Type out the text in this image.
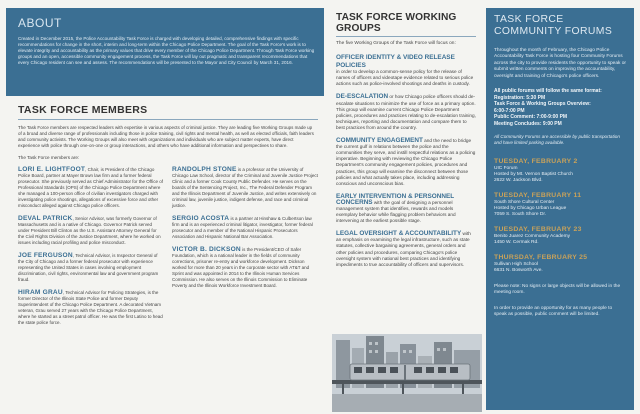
ABOUT

Created in December 2015, the Police Accountability Task Force is charged with developing detailed, comprehensive findings with specific recommendations for change in the short, interim and long-term within the Chicago Police Department. The goal of the Task Force's work is to elevate integrity and accountability as the primary values that drive every member of the Chicago Police Department. Through Task Force working groups and an open, accessible community engagement process, the Task Force will lay out pragmatic and transparent recommendations that every Chicago resident can see and assess. The recommendations will be presented to the Mayor and City Council by March 31, 2016.

TASK FORCE MEMBERS

The Task Force members are respected leaders with expertise in various aspects of criminal justice. They are leading five Working Groups made up of a broad and diverse range of professionals including those in police training, civil rights and mental health, as well as elected officials, faith leaders and community activists. The Working Groups will also meet with organizations and individuals who are subject matter experts, have direct experience with police through one-on-one or group interactions, and others who have additional information and perspectives to share.

The Task Force members are:

LORI E. LIGHTFOOT, Chair, is President of the Chicago Police Board, partner at Mayer Brown law firm and a former federal prosecutor. She previously served as Chief Administrator for the Office of Professional Standards (OPS) of the Chicago Police Department where she managed a 100-person office of civilian investigators charged with investigating police shootings, allegations of excessive force and other misconduct alleged against Chicago police officers.

DEVAL PATRICK, Senior Advisor, was formerly Governor of Massachusetts and is a native of Chicago. Governor Patrick served under President Bill Clinton as the U.S. Assistant Attorney General for the Civil Rights Division of the Justice Department, where he worked on issues including racial profiling and police misconduct.

JOE FERGUSON, Technical Advisor, is Inspector General of the City of Chicago and a former federal prosecutor with experience representing the United States in cases involving employment discrimination, civil rights, environmental law and government program fraud.

HIRAM GRAU, Technical Advisor for Policing Strategies, is the former Director of the Illinois State Police and former Deputy Superintendent of the Chicago Police Department. A decorated Vietnam veteran, Grau served 27 years with the Chicago Police Department, where he started as a street patrol officer. He was the first Latino to head the state police force.

RANDOLPH STONE is a professor at the University of Chicago Law School, director of the Criminal and Juvenile Justice Project Clinic and a former Cook County Public Defender. He serves on the boards of the Sentencing Project, Inc., The Federal Defender Program and the Illinois Department of Juvenile Justice, and writes extensively on criminal law, juvenile justice, indigent defense, and race and criminal justice.

SERGIO ACOSTA is a partner at Hinshaw & Culbertson law firm and is an experienced criminal litigator, investigator, former federal prosecutor and a member of the National Hispanic Prosecutors Association and Hispanic National Bar Association.

VICTOR B. DICKSON is the President/CEO of Safer Foundation, which is a national leader in the fields of community corrections, prisoner re-entry and workforce development. Dickson worked for more than 20 years in the corporate sector with AT&T and Sprint and was appointed in 2014 to the Illinois Human Services Commission. He also serves on the Illinois Commission to Eliminate Poverty and the Illinois Workforce Investment Board.

TASK FORCE WORKING GROUPS

The five Working Groups of the Task Force will focus on:

OFFICER IDENTITY & VIDEO RELEASE POLICIES

in order to develop a common-sense policy for the release of names of officers and videotape evidence related to serious police actions such as police-involved shootings and deaths in custody.

DE-ESCALATION or how Chicago police officers should de-escalate situations to minimize the use of force as a primary option. This group will examine current Chicago Police Department policies, procedures and practices relating to de-escalation training, techniques, reporting and documentation and compare them to best practices from around the country.

COMMUNITY ENGAGEMENT and the need to bridge the current gulf in relations between the police and the communities they serve, and instill respectful relations as a policing imperative. Beginning with reviewing the Chicago Police Department's community engagement policies, procedures and practices, this group will examine the disconnect between those policies and what actually takes place, including addressing conscious and unconscious bias.

EARLY INTERVENTION & PERSONNEL CONCERNS with the goal of designing a personnel management system that identifies, rewards and models exemplary behavior while flagging problem behaviors and intervening at the earliest possible stage.

LEGAL OVERSIGHT & ACCOUNTABILITY with an emphasis on examining the legal infrastructure, such as state statutes, collective bargaining agreements, general orders and other policies and procedures, comparing Chicago's police oversight system with national best practices and identifying impediments to true accountability of officers and supervisors.

TASK FORCE COMMUNITY FORUMS

Throughout the month of February, the Chicago Police Accountability Task Force is hosting four Community Forums across the city to provide residents the opportunity to speak or submit written comments on improving the accountability, oversight and training of Chicago's police officers.

All public forums will follow the same format:
Registration: 5:30 PM
Task Force & Working Groups Overview:
6:00-7:00 PM
Public Comment: 7:00-9:00 PM
Meeting Concludes: 9:00 PM

All Community Forums are accessible by public transportation and have limited parking available.

TUESDAY, FEBRUARY 2
UIC Forum
Hosted by Mt. Vernon Baptist Church
2622 W. Jackson Blvd.
TUESDAY, FEBRUARY 11
South Shore Cultural Center
Hosted by Chicago Urban League
7059 S. South Shore Dr.
TUESDAY, FEBRUARY 23
Benito Juarez Community Academy
1450 W. Cermak Rd.
THURSDAY, FEBRUARY 25
Sullivan High School
6631 N. Bosworth Ave.

Please note: No signs or large objects will be allowed in the meeting room.

In order to provide an opportunity for as many people to speak as possible, public comment will be limited.
